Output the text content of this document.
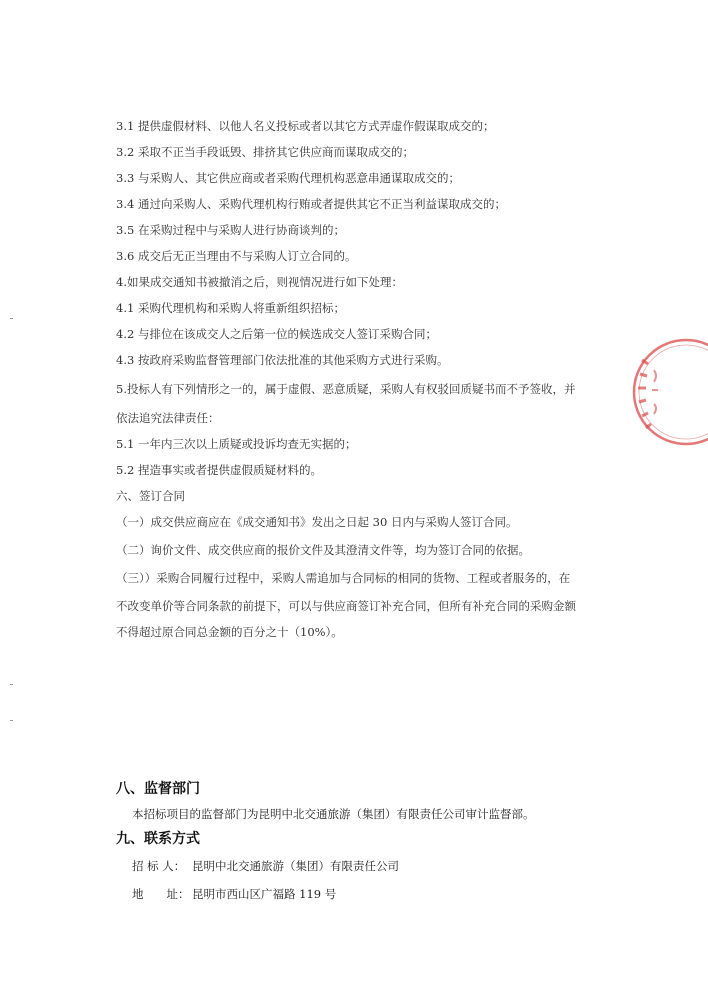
3.1 提供虚假材料、以他人名义投标或者以其它方式弄虚作假谋取成交的；
3.2 采取不正当手段诋毁、排挤其它供应商而谋取成交的；
3.3 与采购人、其它供应商或者采购代理机构恶意串通谋取成交的；
3.4 通过向采购人、采购代理机构行贿或者提供其它不正当利益谋取成交的；
3.5 在采购过程中与采购人进行协商谈判的；
3.6 成交后无正当理由不与采购人订立合同的。
4.如果成交通知书被撤消之后，则视情况进行如下处理：
4.1 采购代理机构和采购人将重新组织招标；
4.2 与排位在该成交人之后第一位的候选成交人签订采购合同；
4.3 按政府采购监督管理部门依法批准的其他采购方式进行采购。
5.投标人有下列情形之一的，属于虚假、恶意质疑，采购人有权驳回质疑书而不予签收，并
依法追究法律责任：
5.1 一年内三次以上质疑或投诉均查无实据的；
5.2 捏造事实或者提供虚假质疑材料的。
六、签订合同
（一）成交供应商应在《成交通知书》发出之日起 30 日内与采购人签订合同。
（二）询价文件、成交供应商的报价文件及其澄清文件等，均为签订合同的依据。
（三））采购合同履行过程中，采购人需追加与合同标的相同的货物、工程或者服务的，在
不改变单价等合同条款的前提下，可以与供应商签订补充合同，但所有补充合同的采购金额
不得超过原合同总金额的百分之十（10%）。
八、监督部门
本招标项目的监督部门为昆明中北交通旅游（集团）有限责任公司审计监督部。
九、联系方式
招 标 人： 昆明中北交通旅游（集团）有限责任公司
地　　址： 昆明市西山区广福路 119 号
